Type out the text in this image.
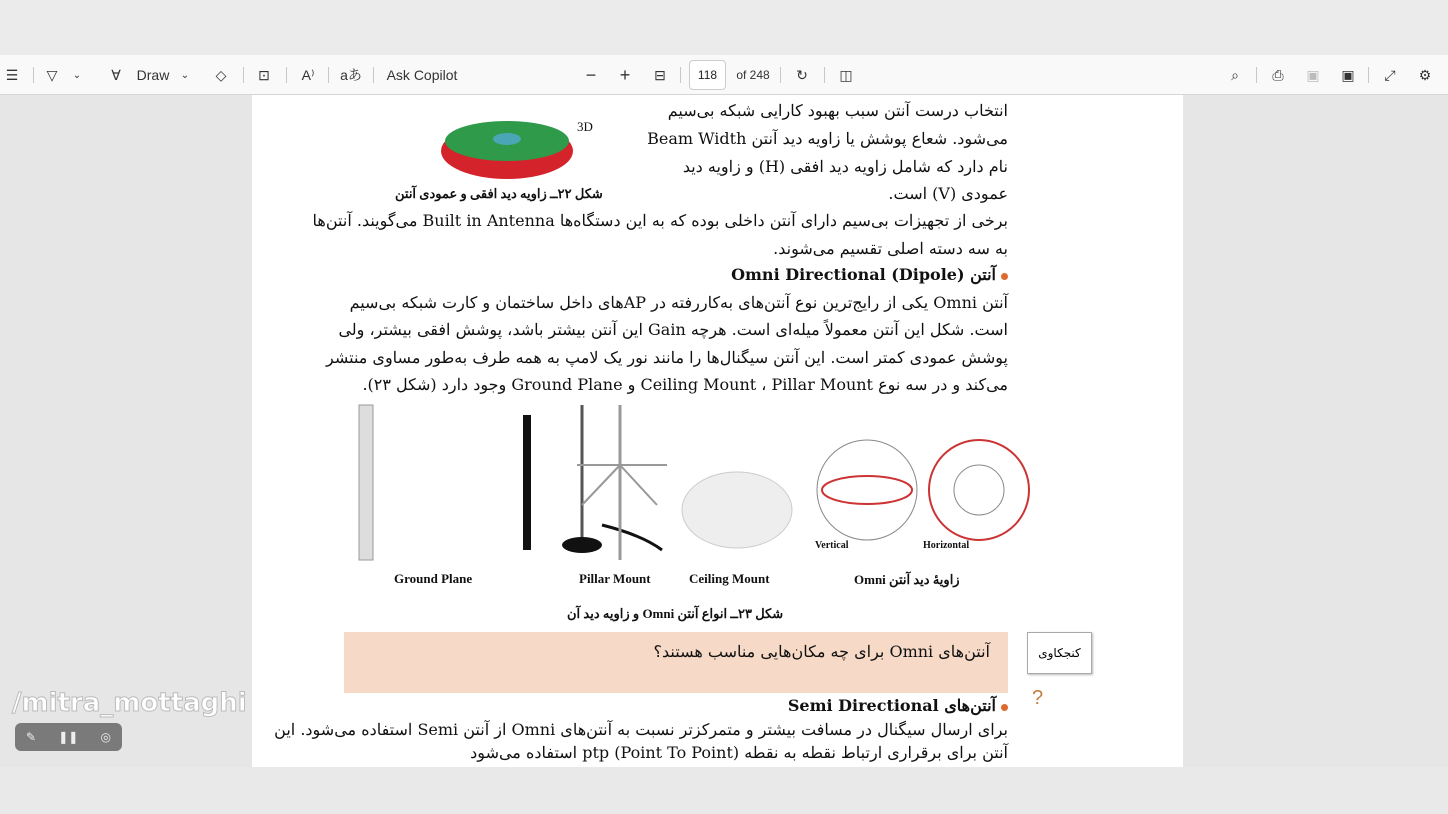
☰	▽	⌄	∀	Draw ⌄	◇	⊡ A⁾ aあ Ask Copilot	− + ⊟	118	of 248 ↻ ◫	⌕	⎙	▣ ▣	⤢	⚙
3D
شکل ۲۲ــ زاویه دید افقی و عمودی آنتن
انتخاب درست آنتن سبب بهبود کارایی شبکه بی‌سیم
می‌شود. شعاع پوشش یا زاویه دید آنتن Beam Width
نام دارد که شامل زاویه دید افقی (H) و زاویه دید
عمودی (V) است.
برخی از تجهیزات بی‌سیم دارای آنتن داخلی بوده که به این دستگاه‌ها Built in Antenna می‌گویند. آنتن‌ها
به سه دسته اصلی تقسیم می‌شوند.
آنتن (Omni Directional (Dipole
آنتن Omni یکی از رایج‌ترین نوع آنتن‌های به‌کاررفته در APهای داخل ساختمان و کارت شبکه بی‌سیم
است. شکل این آنتن معمولاً میله‌ای است. هرچه Gain این آنتن بیشتر باشد، پوشش افقی بیشتر، ولی
پوشش عمودی کمتر است. این آنتن سیگنال‌ها را مانند نور یک لامپ به همه طرف به‌طور مساوی منتشر
می‌کند و در سه نوع Ceiling Mount ، Pillar Mount و Ground Plane وجود دارد (شکل ۲۳).
Vertical	Horizontal
Ground Plane	Pillar Mount	Ceiling Mount	زاویهٔ دید آنتن Omni
شکل ۲۳ــ انواع آنتن Omni و زاویه دید آن
آنتن‌های Omni برای چه مکان‌هایی مناسب هستند؟	کنجکاوی
?
آنتن‌های Semi Directional
برای ارسال سیگنال در مسافت بیشتر و متمرکزتر نسبت به آنتن‌های Omni از آنتن Semi استفاده می‌شود. این
آنتن برای برقراری ارتباط نقطه به نقطه (Point To Point) ptp استفاده می‌شود
/mitra_mottaghi
✎ ❚❚ ◎
